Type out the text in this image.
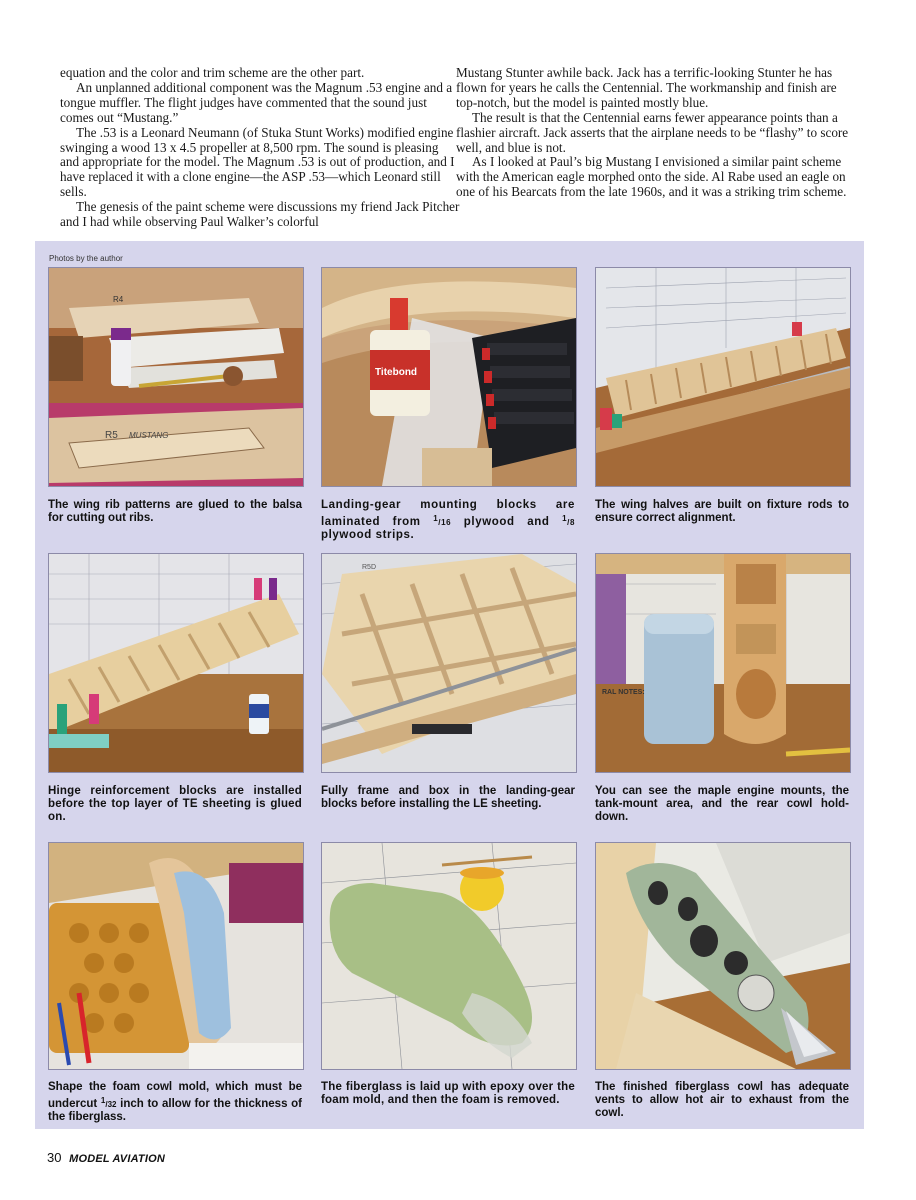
equation and the color and trim scheme are the other part.

An unplanned additional component was the Magnum .53 engine and a tongue muffler. The flight judges have commented that the sound just comes out “Mustang.”

The .53 is a Leonard Neumann (of Stuka Stunt Works) modified engine swinging a wood 13 x 4.5 propeller at 8,500 rpm. The sound is pleasing and appropriate for the model. The Magnum .53 is out of production, and I have replaced it with a clone engine—the ASP .53—which Leonard still sells.

The genesis of the paint scheme were discussions my friend Jack Pitcher and I had while observing Paul Walker’s colorful

Mustang Stunter awhile back. Jack has a terrific-looking Stunter he has flown for years he calls the Centennial. The workmanship and finish are top-notch, but the model is painted mostly blue.

The result is that the Centennial earns fewer appearance points than a flashier aircraft. Jack asserts that the airplane needs to be “flashy” to score well, and blue is not.

As I looked at Paul’s big Mustang I envisioned a similar paint scheme with the American eagle morphed onto the side. Al Rabe used an eagle on one of his Bearcats from the late 1960s, and it was a striking trim scheme.

Photos by the author
R4
R5 MUSTANG
The wing rib patterns are glued to the balsa for cutting out ribs.
Titebond
Landing-gear mounting blocks are laminated from $^1$/16 plywood and $^1$/8 plywood strips.
The wing halves are built on fixture rods to ensure correct alignment.
Hinge reinforcement blocks are installed before the top layer of TE sheeting is glued on.
R5D
Fully frame and box in the landing-gear blocks before installing the LE sheeting.
RAL NOTES:
You can see the maple engine mounts, the tank-mount area, and the rear cowl hold-down.
Shape the foam cowl mold, which must be undercut $^1$/32 inch to allow for the thickness of the fiberglass.
The fiberglass is laid up with epoxy over the foam mold, and then the foam is removed.
The finished fiberglass cowl has adequate vents to allow hot air to exhaust from the cowl.
30 MODEL AVIATION
